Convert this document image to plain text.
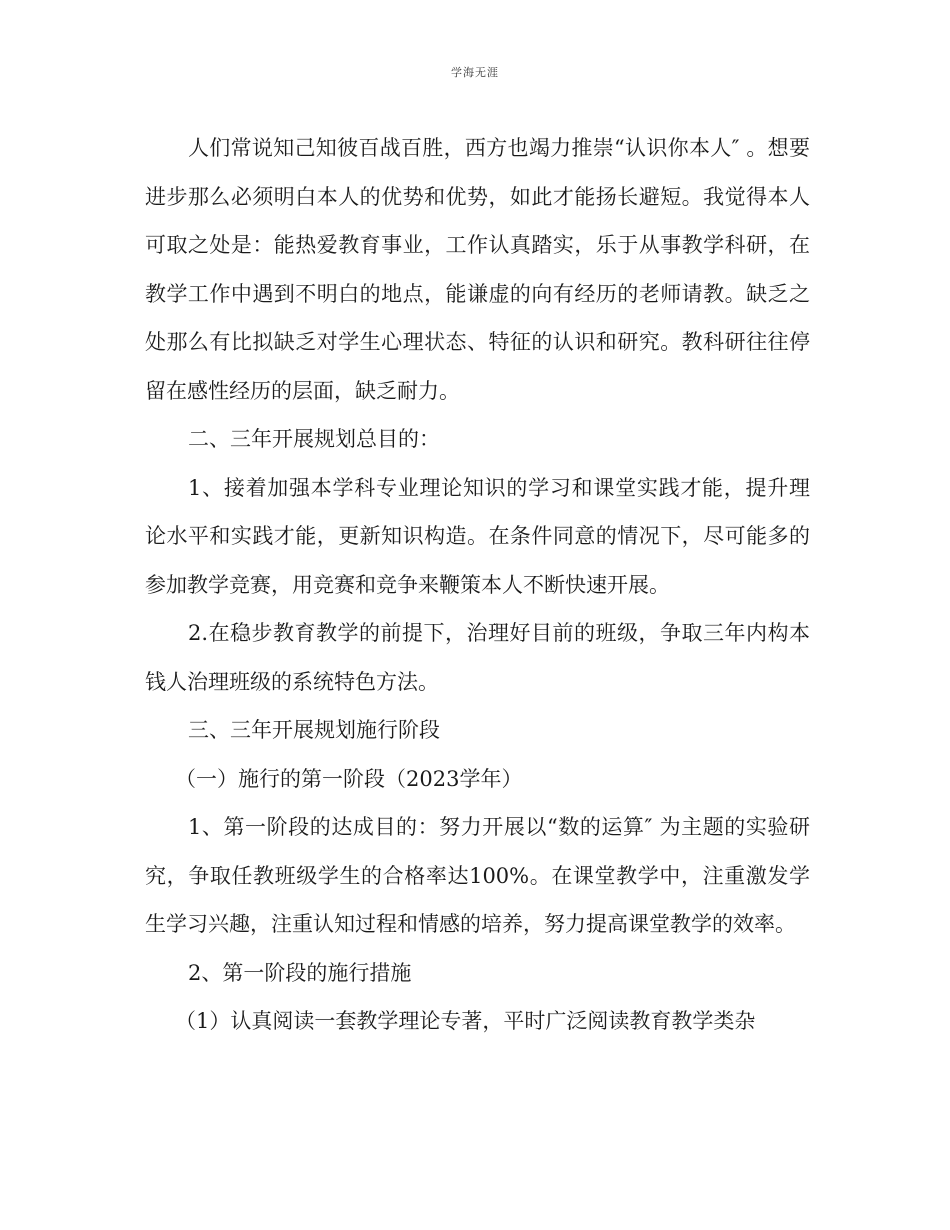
学海无涯

人们常说知己知彼百战百胜，西方也竭力推崇“认识你本人″ 。想要进步那么必须明白本人的优势和优势，如此才能扬长避短。我觉得本人可取之处是：能热爱教育事业，工作认真踏实，乐于从事教学科研，在教学工作中遇到不明白的地点，能谦虚的向有经历的老师请教。缺乏之处那么有比拟缺乏对学生心理状态、特征的认识和研究。教科研往往停留在感性经历的层面，缺乏耐力。

二、三年开展规划总目的：

1、接着加强本学科专业理论知识的学习和课堂实践才能，提升理论水平和实践才能，更新知识构造。在条件同意的情况下，尽可能多的参加教学竞赛，用竞赛和竞争来鞭策本人不断快速开展。

2.在稳步教育教学的前提下，治理好目前的班级，争取三年内构本钱人治理班级的系统特色方法。

三、三年开展规划施行阶段

（一）施行的第一阶段（2023学年）

1、第一阶段的达成目的：努力开展以“数的运算″ 为主题的实验研究，争取任教班级学生的合格率达100%。在课堂教学中，注重激发学生学习兴趣，注重认知过程和情感的培养，努力提高课堂教学的效率。

2、第一阶段的施行措施

（1）认真阅读一套教学理论专著，平时广泛阅读教育教学类杂
